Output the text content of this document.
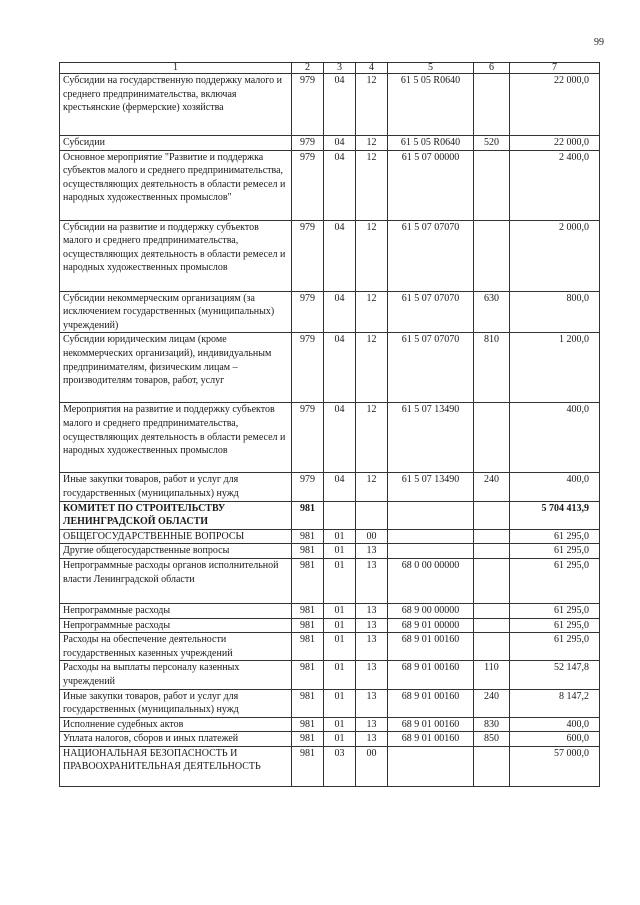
99
1	2	3	4	5	6	7
Субсидии на государственную поддержку малого и среднего предпринимательства, включая крестьянские (фермерские) хозяйства	979	04	12	61 5 05 R0640		22 000,0
Субсидии	979	04	12	61 5 05 R0640	520	22 000,0
Основное мероприятие "Развитие и поддержка субъектов малого и среднего предпринимательства, осуществляющих деятельность в области ремесел и народных художественных промыслов"	979	04	12	61 5 07 00000		2 400,0
Субсидии на развитие и поддержку субъектов малого и среднего предпринимательства, осуществляющих деятельность в области ремесел и народных художественных промыслов	979	04	12	61 5 07 07070		2 000,0
Субсидии некоммерческим организациям (за исключением государственных (муниципальных) учреждений)	979	04	12	61 5 07 07070	630	800,0
Субсидии юридическим лицам (кроме некоммерческих организаций), индивидуальным предпринимателям, физическим лицам – производителям товаров, работ, услуг	979	04	12	61 5 07 07070	810	1 200,0
Мероприятия на развитие и поддержку субъектов малого и среднего предпринимательства, осуществляющих деятельность в области ремесел и народных художественных промыслов	979	04	12	61 5 07 13490		400,0
Иные закупки товаров, работ и услуг для государственных (муниципальных) нужд	979	04	12	61 5 07 13490	240	400,0
КОМИТЕТ ПО СТРОИТЕЛЬСТВУ ЛЕНИНГРАДСКОЙ ОБЛАСТИ	981					5 704 413,9
ОБЩЕГОСУДАРСТВЕННЫЕ ВОПРОСЫ	981	01	00			61 295,0
Другие общегосударственные вопросы	981	01	13			61 295,0
Непрограммные расходы органов исполнительной власти Ленинградской области	981	01	13	68 0 00 00000		61 295,0
Непрограммные расходы	981	01	13	68 9 00 00000		61 295,0
Непрограммные расходы	981	01	13	68 9 01 00000		61 295,0
Расходы на обеспечение деятельности государственных казенных учреждений	981	01	13	68 9 01 00160		61 295,0
Расходы на выплаты персоналу казенных учреждений	981	01	13	68 9 01 00160	110	52 147,8
Иные закупки товаров, работ и услуг для государственных (муниципальных) нужд	981	01	13	68 9 01 00160	240	8 147,2
Исполнение судебных актов	981	01	13	68 9 01 00160	830	400,0
Уплата налогов, сборов и иных платежей	981	01	13	68 9 01 00160	850	600,0
НАЦИОНАЛЬНАЯ БЕЗОПАСНОСТЬ И ПРАВООХРАНИТЕЛЬНАЯ ДЕЯТЕЛЬНОСТЬ	981	03	00			57 000,0
